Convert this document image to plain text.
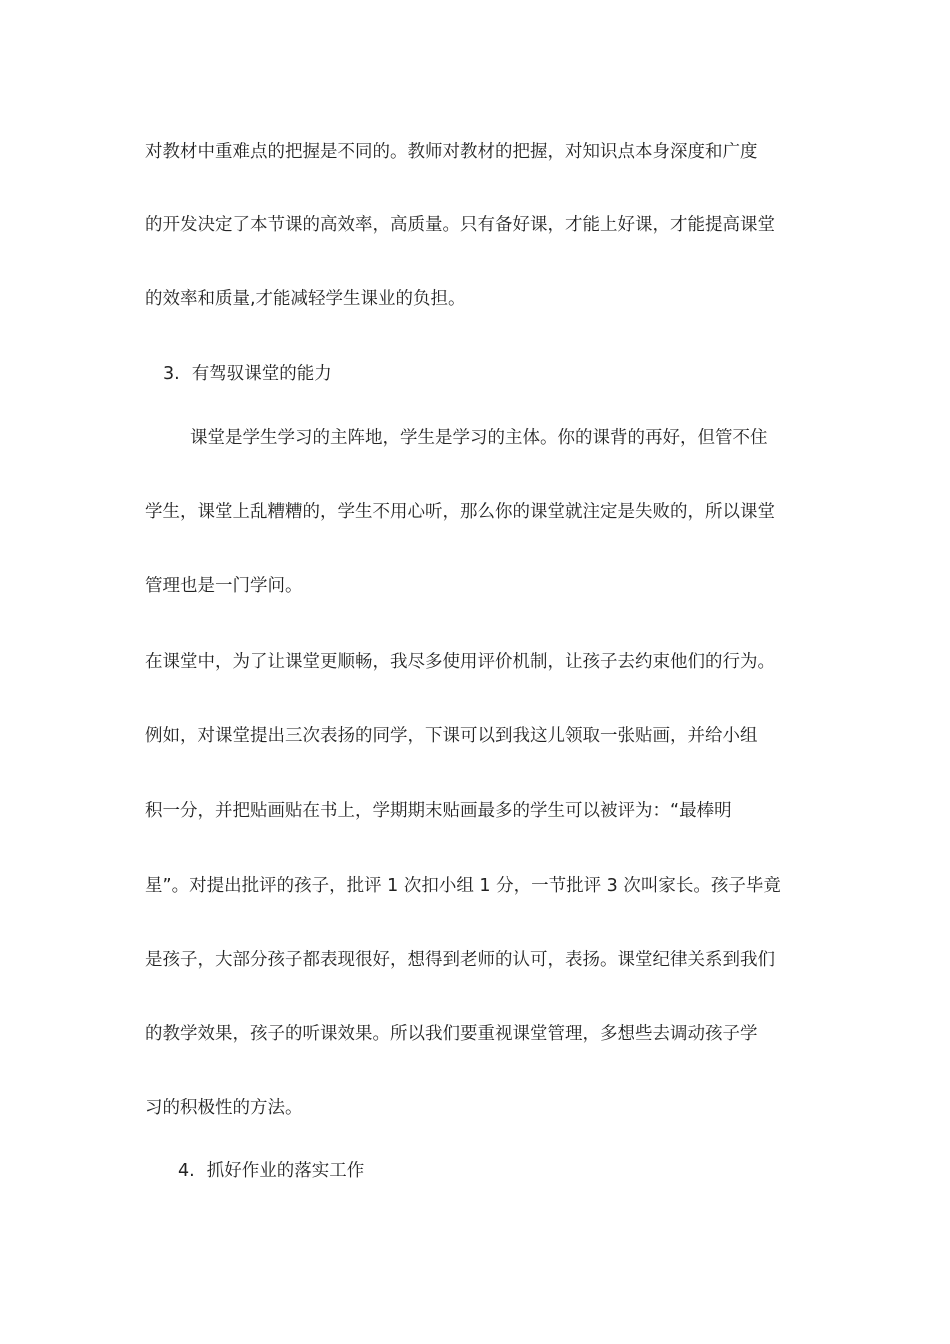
对教材中重难点的把握是不同的。教师对教材的把握，对知识点本身深度和广度
的开发决定了本节课的高效率，高质量。只有备好课，才能上好课，才能提高课堂
的效率和质量,才能减轻学生课业的负担。
3. 有驾驭课堂的能力
课堂是学生学习的主阵地，学生是学习的主体。你的课背的再好，但管不住
学生，课堂上乱糟糟的，学生不用心听，那么你的课堂就注定是失败的，所以课堂
管理也是一门学问。
在课堂中，为了让课堂更顺畅，我尽多使用评价机制，让孩子去约束他们的行为。
例如，对课堂提出三次表扬的同学，下课可以到我这儿领取一张贴画，并给小组
积一分，并把贴画贴在书上，学期期末贴画最多的学生可以被评为：“最棒明
星”。对提出批评的孩子，批评 1 次扣小组 1 分，一节批评 3 次叫家长。孩子毕竟
是孩子，大部分孩子都表现很好，想得到老师的认可，表扬。课堂纪律关系到我们
的教学效果，孩子的听课效果。所以我们要重视课堂管理，多想些去调动孩子学
习的积极性的方法。
4. 抓好作业的落实工作
